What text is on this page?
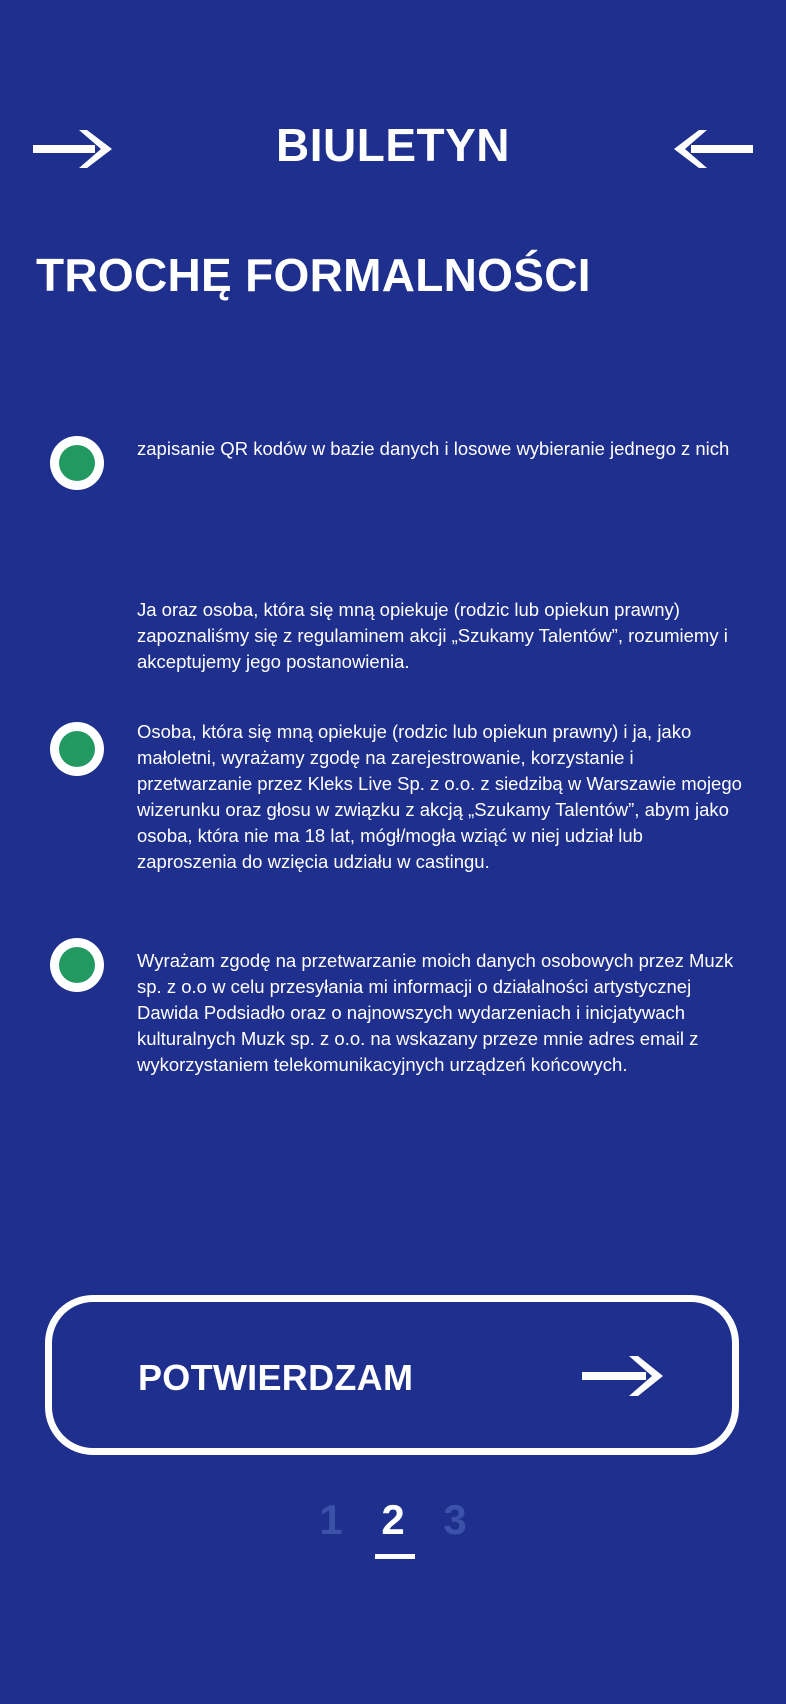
BIULETYN
TROCHĘ FORMALNOŚCI
zapisanie QR kodów w bazie danych i losowe wybieranie jednego z nich
Ja oraz osoba, która się mną opiekuje (rodzic lub opiekun prawny) zapoznaliśmy się z regulaminem akcji „Szukamy Talentów”, rozumiemy i akceptujemy jego postanowienia.
Osoba, która się mną opiekuje (rodzic lub opiekun prawny) i ja, jako małoletni, wyrażamy zgodę na zarejestrowanie, korzystanie i przetwarzanie przez Kleks Live Sp. z o.o. z siedzibą w Warszawie mojego wizerunku oraz głosu w związku z akcją „Szukamy Talentów”, abym jako osoba, która nie ma 18 lat, mógł/mogła wziąć w niej udział lub zaproszenia do wzięcia udziału w castingu.
Wyrażam zgodę na przetwarzanie moich danych osobowych przez Muzk sp. z o.o w celu przesyłania mi informacji o działalności artystycznej Dawida Podsiadło oraz o najnowszych wydarzeniach i inicjatywach kulturalnych Muzk sp. z o.o. na wskazany przeze mnie adres email z wykorzystaniem telekomunikacyjnych urządzeń końcowych.
POTWIERDZAM
1 2 3
